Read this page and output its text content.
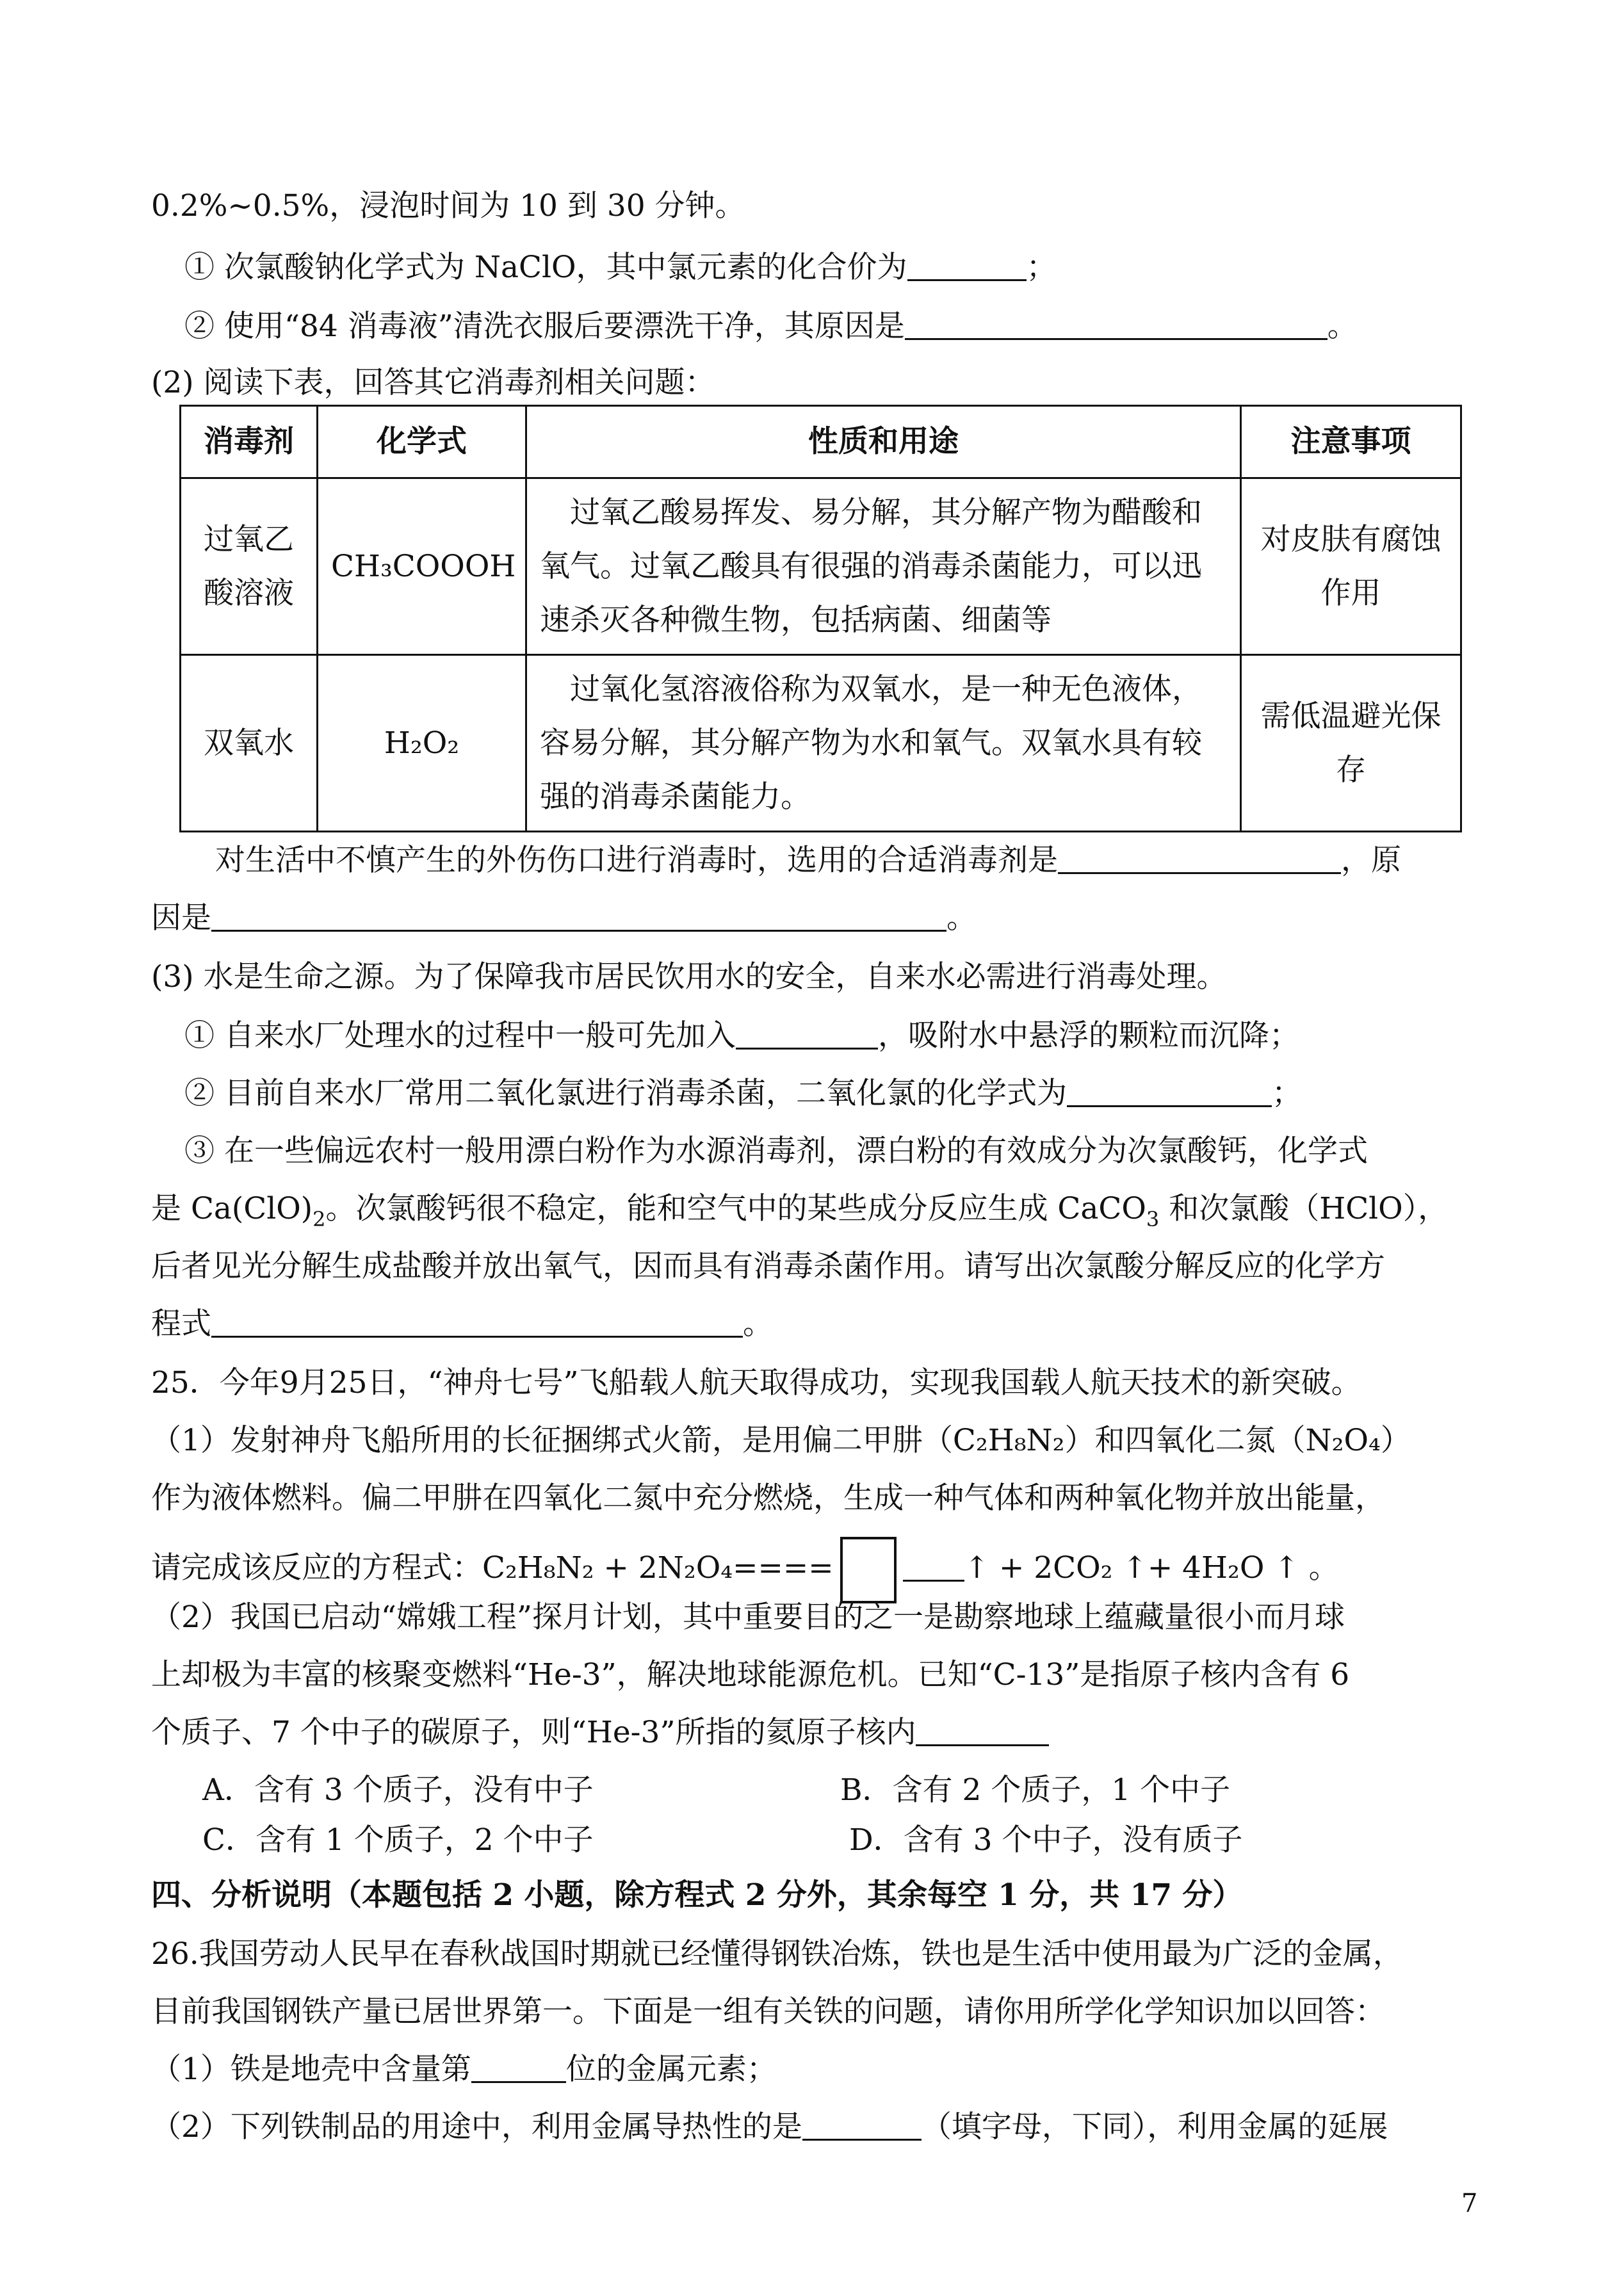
0.2%~0.5%，浸泡时间为 10 到 30 分钟。
① 次氯酸钠化学式为 NaClO，其中氯元素的化合价为	；
② 使用“84 消毒液”清洗衣服后要漂洗干净，其原因是	。
(2) 阅读下表，回答其它消毒剂相关问题：
消毒剂	化学式	性质和用途	注意事项
过氧乙酸溶液	CH₃COOOH	过氧乙酸易挥发、易分解，其分解产物为醋酸和氧气。过氧乙酸具有很强的消毒杀菌能力，可以迅速杀灭各种微生物，包括病菌、细菌等	对皮肤有腐蚀作用
双氧水	H₂O₂	过氧化氢溶液俗称为双氧水，是一种无色液体，容易分解，其分解产物为水和氧气。双氧水具有较强的消毒杀菌能力。	需低温避光保存
对生活中不慎产生的外伤伤口进行消毒时，选用的合适消毒剂是	，原
因是	。
(3) 水是生命之源。为了保障我市居民饮用水的安全，自来水必需进行消毒处理。
① 自来水厂处理水的过程中一般可先加入	，吸附水中悬浮的颗粒而沉降；
② 目前自来水厂常用二氧化氯进行消毒杀菌，二氧化氯的化学式为	；
③ 在一些偏远农村一般用漂白粉作为水源消毒剂，漂白粉的有效成分为次氯酸钙，化学式
是 $Ca(ClO)_2$。次氯酸钙很不稳定，能和空气中的某些成分反应生成 CaCO$_3$ 和次氯酸（HClO），
后者见光分解生成盐酸并放出氧气，因而具有消毒杀菌作用。请写出次氯酸分解反应的化学方
程式	。
25．今年9月25日，“神舟七号”飞船载人航天取得成功，实现我国载人航天技术的新突破。
（1）发射神舟飞船所用的长征捆绑式火箭，是用偏二甲肼（C₂H₈N₂）和四氧化二氮（N₂O₄）
作为液体燃料。偏二甲肼在四氧化二氮中充分燃烧，生成一种气体和两种氧化物并放出能量，
请完成该反应的方程式：C₂H₈N₂ + 2N₂O₄====	↑ + 2CO₂ ↑+ 4H₂O ↑ 。
（2）我国已启动“嫦娥工程”探月计划，其中重要目的之一是勘察地球上蕴藏量很小而月球
上却极为丰富的核聚变燃料“He-3”，解决地球能源危机。已知“C-13”是指原子核内含有 6
个质子、7 个中子的碳原子，则“He-3”所指的氦原子核内
A．含有 3 个质子，没有中子	B．含有 2 个质子，1 个中子
C．含有 1 个质子，2 个中子	D．含有 3 个中子，没有质子
四、分析说明（本题包括 2 小题，除方程式 2 分外，其余每空 1 分，共 17 分）
26.我国劳动人民早在春秋战国时期就已经懂得钢铁冶炼，铁也是生活中使用最为广泛的金属，
目前我国钢铁产量已居世界第一。下面是一组有关铁的问题，请你用所学化学知识加以回答：
（1）铁是地壳中含量第	位的金属元素；
（2）下列铁制品的用途中，利用金属导热性的是	（填字母，下同），利用金属的延展
7
